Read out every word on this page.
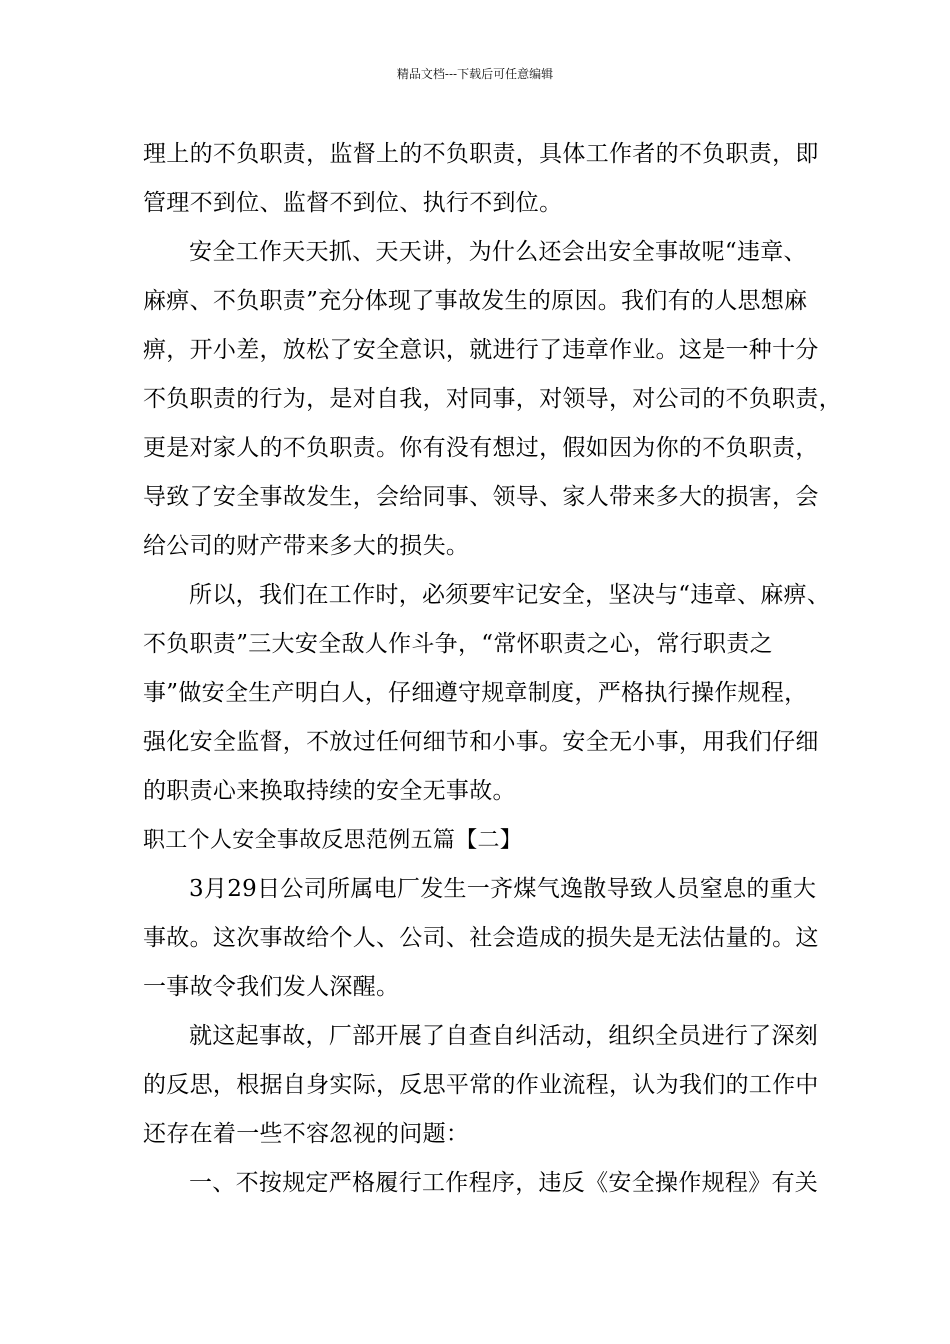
精品文档---下载后可任意编辑
理上的不负职责，监督上的不负职责，具体工作者的不负职责，即
管理不到位、监督不到位、执行不到位。
安全工作天天抓、天天讲，为什么还会出安全事故呢“违章、
麻痹、不负职责”充分体现了事故发生的原因。我们有的人思想麻
痹，开小差，放松了安全意识，就进行了违章作业。这是一种十分
不负职责的行为，是对自我，对同事，对领导，对公司的不负职责，
更是对家人的不负职责。你有没有想过，假如因为你的不负职责，
导致了安全事故发生，会给同事、领导、家人带来多大的损害，会
给公司的财产带来多大的损失。
所以，我们在工作时，必须要牢记安全，坚决与“违章、麻痹、
不负职责”三大安全敌人作斗争，“常怀职责之心，常行职责之
事”做安全生产明白人，仔细遵守规章制度，严格执行操作规程，
强化安全监督，不放过任何细节和小事。安全无小事，用我们仔细
的职责心来换取持续的安全无事故。
职工个人安全事故反思范例五篇【二】
3月29日公司所属电厂发生一齐煤气逸散导致人员窒息的重大
事故。这次事故给个人、公司、社会造成的损失是无法估量的。这
一事故令我们发人深醒。
就这起事故，厂部开展了自查自纠活动，组织全员进行了深刻
的反思，根据自身实际，反思平常的作业流程，认为我们的工作中
还存在着一些不容忽视的问题：
一、不按规定严格履行工作程序，违反《安全操作规程》有关
